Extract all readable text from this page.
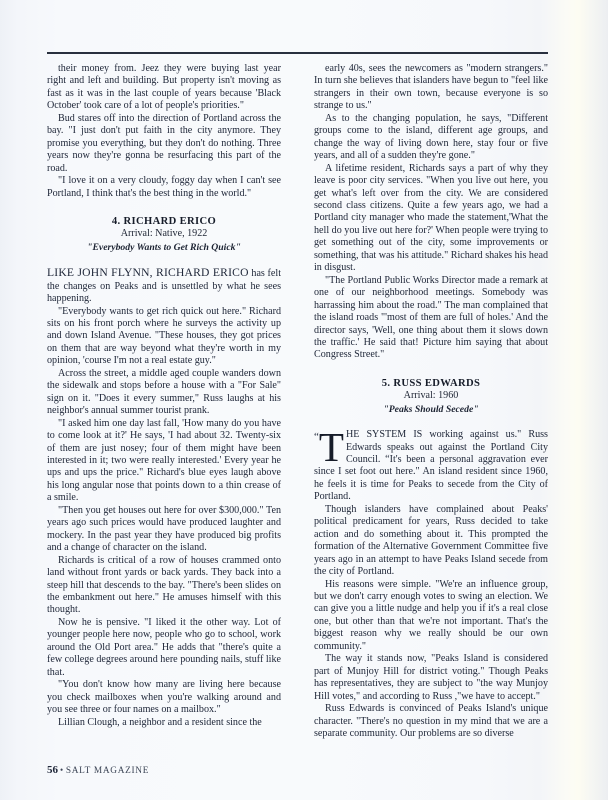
their money from. Jeez they were buying last year right and left and building. But property isn't moving as fast as it was in the last couple of years because 'Black October' took care of a lot of people's priorities."

Bud stares off into the direction of Portland across the bay. "I just don't put faith in the city anymore. They promise you everything, but they don't do nothing. Three years now they're gonna be resurfacing this part of the road.

"I love it on a very cloudy, foggy day when I can't see Portland, I think that's the best thing in the world."

4. RICHARD ERICO
Arrival: Native, 1922
"Everybody Wants to Get Rich Quick"

LIKE JOHN FLYNN, RICHARD ERICO has felt the changes on Peaks and is unsettled by what he sees happening.

"Everybody wants to get rich quick out here." Richard sits on his front porch where he surveys the activity up and down Island Avenue. "These houses, they got prices on them that are way beyond what they're worth in my opinion, 'course I'm not a real estate guy."

Across the street, a middle aged couple wanders down the sidewalk and stops before a house with a "For Sale" sign on it. "Does it every summer," Russ laughs at his neighbor's annual summer tourist prank.

"I asked him one day last fall, 'How many do you have to come look at it?' He says, 'I had about 32. Twenty-six of them are just nosey; four of them might have been interested in it; two were really interested.' Every year he ups and ups the price." Richard's blue eyes laugh above his long angular nose that points down to a thin crease of a smile.

"Then you get houses out here for over $300,000." Ten years ago such prices would have produced laughter and mockery. In the past year they have produced big profits and a change of character on the island.

Richards is critical of a row of houses crammed onto land without front yards or back yards. They back into a steep hill that descends to the bay. "There's been slides on the embankment out here." He amuses himself with this thought.

Now he is pensive. "I liked it the other way. Lot of younger people here now, people who go to school, work around the Old Port area." He adds that "there's quite a few college degrees around here pounding nails, stuff like that.

"You don't know how many are living here because you check mailboxes when you're walking around and you see three or four names on a mailbox."

Lillian Clough, a neighbor and a resident since the

early 40s, sees the newcomers as "modern strangers." In turn she believes that islanders have begun to "feel like strangers in their own town, because everyone is so strange to us."

As to the changing population, he says, "Different groups come to the island, different age groups, and change the way of living down here, stay four or five years, and all of a sudden they're gone."

A lifetime resident, Richards says a part of why they leave is poor city services. "When you live out here, you get what's left over from the city. We are considered second class citizens. Quite a few years ago, we had a Portland city manager who made the statement,'What the hell do you live out here for?' When people were trying to get something out of the city, some improvements or something, that was his attitude." Richard shakes his head in disgust.

"The Portland Public Works Director made a remark at one of our neighborhood meetings. Somebody was harrassing him about the road." The man complained that the island roads "'most of them are full of holes.' And the director says, 'Well, one thing about them it slows down the traffic.' He said that! Picture him saying that about Congress Street."

5. RUSS EDWARDS
Arrival: 1960
"Peaks Should Secede"

“ T HE SYSTEM IS working against us." Russ Edwards speaks out against the Portland City Council. “It's been a personal aggravation ever since I set foot out here." An island resident since 1960, he feels it is time for Peaks to secede from the City of Portland.

Though islanders have complained about Peaks' political predicament for years, Russ decided to take action and do something about it. This prompted the formation of the Alternative Government Committee five years ago in an attempt to have Peaks Island secede from the city of Portland.

His reasons were simple. "We're an influence group, but we don't carry enough votes to swing an election. We can give you a little nudge and help you if it's a real close one, but other than that we're not important. That's the biggest reason why we really should be our own community."

The way it stands now, "Peaks Island is considered part of Munjoy Hill for district voting." Though Peaks has representatives, they are subject to "the way Munjoy Hill votes," and according to Russ ,"we have to accept."

Russ Edwards is convinced of Peaks Island's unique character. "There's no question in my mind that we are a separate community. Our problems are so diverse

56 • SALT MAGAZINE
